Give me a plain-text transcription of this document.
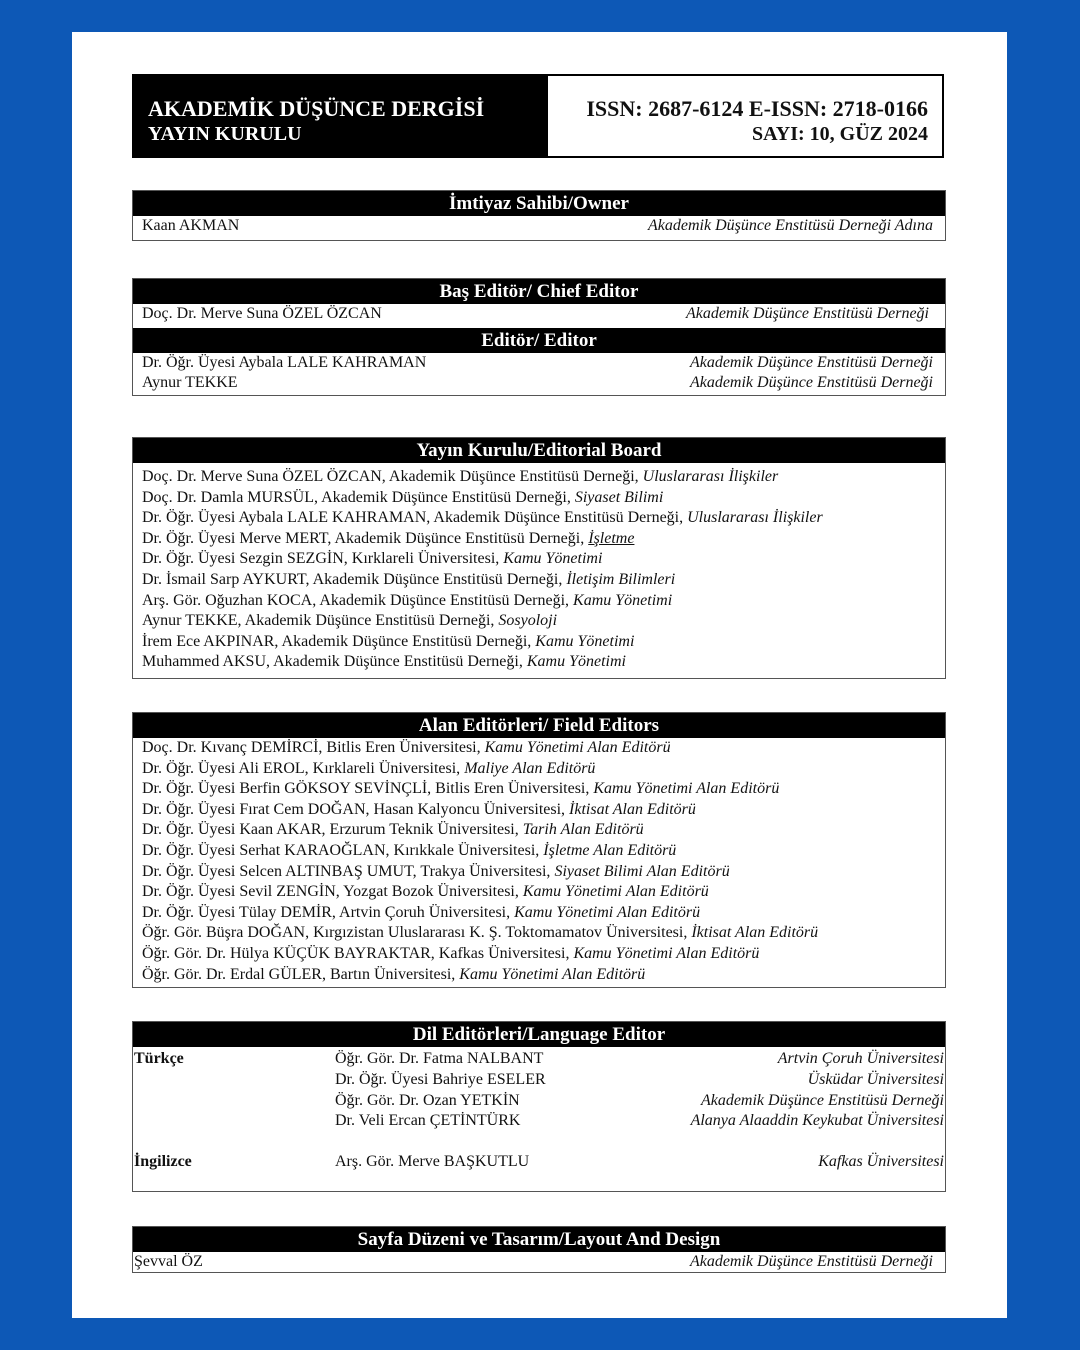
AKADEMİK DÜŞÜNCE DERGİSİ
YAYIN KURULU
ISSN: 2687-6124 E-ISSN: 2718-0166
SAYI: 10, GÜZ 2024
İmtiyaz Sahibi/Owner
Kaan AKMAN	Akademik Düşünce Enstitüsü Derneği Adına
Baş Editör/ Chief Editor
Doç. Dr. Merve Suna ÖZEL ÖZCAN	Akademik Düşünce Enstitüsü Derneği
Editör/ Editor
Dr. Öğr. Üyesi Aybala LALE KAHRAMAN	Akademik Düşünce Enstitüsü Derneği
Aynur TEKKE	Akademik Düşünce Enstitüsü Derneği
Yayın Kurulu/Editorial Board
Doç. Dr. Merve Suna ÖZEL ÖZCAN, Akademik Düşünce Enstitüsü Derneği, Uluslararası İlişkiler
Doç. Dr. Damla MURSÜL, Akademik Düşünce Enstitüsü Derneği, Siyaset Bilimi
Dr. Öğr. Üyesi Aybala LALE KAHRAMAN, Akademik Düşünce Enstitüsü Derneği, Uluslararası İlişkiler
Dr. Öğr. Üyesi Merve MERT, Akademik Düşünce Enstitüsü Derneği, İşletme
Dr. Öğr. Üyesi Sezgin SEZGİN, Kırklareli Üniversitesi, Kamu Yönetimi
Dr. İsmail Sarp AYKURT, Akademik Düşünce Enstitüsü Derneği, İletişim Bilimleri
Arş. Gör. Oğuzhan KOCA, Akademik Düşünce Enstitüsü Derneği, Kamu Yönetimi
Aynur TEKKE, Akademik Düşünce Enstitüsü Derneği, Sosyoloji
İrem Ece AKPINAR, Akademik Düşünce Enstitüsü Derneği, Kamu Yönetimi
Muhammed AKSU, Akademik Düşünce Enstitüsü Derneği, Kamu Yönetimi
Alan Editörleri/ Field Editors
Doç. Dr. Kıvanç DEMİRCİ, Bitlis Eren Üniversitesi, Kamu Yönetimi Alan Editörü
Dr. Öğr. Üyesi Ali EROL, Kırklareli Üniversitesi, Maliye Alan Editörü
Dr. Öğr. Üyesi Berfin GÖKSOY SEVİNÇLİ, Bitlis Eren Üniversitesi, Kamu Yönetimi Alan Editörü
Dr. Öğr. Üyesi Fırat Cem DOĞAN, Hasan Kalyoncu Üniversitesi, İktisat Alan Editörü
Dr. Öğr. Üyesi Kaan AKAR, Erzurum Teknik Üniversitesi, Tarih Alan Editörü
Dr. Öğr. Üyesi Serhat KARAOĞLAN, Kırıkkale Üniversitesi, İşletme Alan Editörü
Dr. Öğr. Üyesi Selcen ALTINBAŞ UMUT, Trakya Üniversitesi, Siyaset Bilimi Alan Editörü
Dr. Öğr. Üyesi Sevil ZENGİN, Yozgat Bozok Üniversitesi, Kamu Yönetimi Alan Editörü
Dr. Öğr. Üyesi Tülay DEMİR, Artvin Çoruh Üniversitesi, Kamu Yönetimi Alan Editörü
Öğr. Gör. Büşra DOĞAN, Kırgızistan Uluslararası K. Ş. Toktomamatov Üniversitesi, İktisat Alan Editörü
Öğr. Gör. Dr. Hülya KÜÇÜK BAYRAKTAR, Kafkas Üniversitesi, Kamu Yönetimi Alan Editörü
Öğr. Gör. Dr. Erdal GÜLER, Bartın Üniversitesi, Kamu Yönetimi Alan Editörü
Dil Editörleri/Language Editor
Türkçe	Öğr. Gör. Dr. Fatma NALBANT	Artvin Çoruh Üniversitesi
Dr. Öğr. Üyesi Bahriye ESELER	Üsküdar Üniversitesi
Öğr. Gör. Dr. Ozan YETKİN	Akademik Düşünce Enstitüsü Derneği
Dr. Veli Ercan ÇETİNTÜRK	Alanya Alaaddin Keykubat Üniversitesi
İngilizce	Arş. Gör. Merve BAŞKUTLU	Kafkas Üniversitesi
Sayfa Düzeni ve Tasarım/Layout And Design
Şevval ÖZ	Akademik Düşünce Enstitüsü Derneği
